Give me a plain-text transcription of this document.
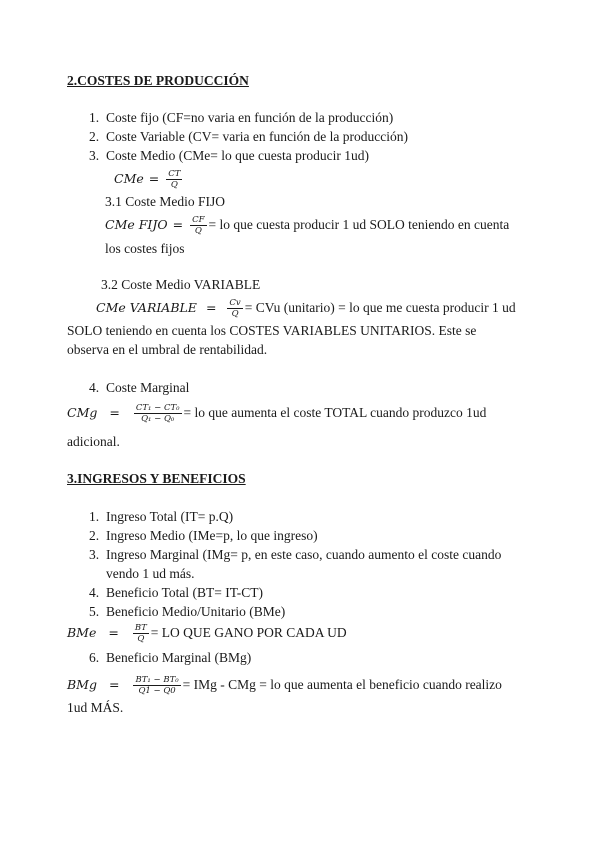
2.COSTES DE PRODUCCIÓN
1. Coste fijo (CF=no varia en función de la producción)
2. Coste Variable (CV= varia en función de la producción)
3. Coste Medio (CMe= lo que cuesta producir 1ud)
CMe = $\frac{CT}{Q}$
3.1 Coste Medio FIJO
CMe FIJO = $\frac{CF}{Q}$ = lo que cuesta producir 1 ud SOLO teniendo en cuenta
los costes fijos
3.2 Coste Medio VARIABLE
CMe VARIABLE = $\frac{Cv}{Q}$ = CVu (unitario) = lo que me cuesta producir 1 ud
SOLO teniendo en cuenta los COSTES VARIABLES UNITARIOS. Este se
observa en el umbral de rentabilidad.
4. Coste Marginal
CMg = $\frac{\text{CT₁ − CT₀}}{\text{Q₁ − Q₀}}$ = lo que aumenta el coste TOTAL cuando produzco 1ud
adicional.
3.INGRESOS Y BENEFICIOS
1. Ingreso Total (IT= p.Q)
2. Ingreso Medio (IMe=p, lo que ingreso)
3. Ingreso Marginal (IMg= p, en este caso, cuando aumento el coste cuando
vendo 1 ud más.
4. Beneficio Total (BT= IT-CT)
5. Beneficio Medio/Unitario (BMe)
BMe = $\frac{BT}{Q}$ = LO QUE GANO POR CADA UD
6. Beneficio Marginal (BMg)
BMg = $\frac{\text{BT₁ − BT₀}}{Q1 - Q0}$ = IMg - CMg = lo que aumenta el beneficio cuando realizo
1ud MÁS.
